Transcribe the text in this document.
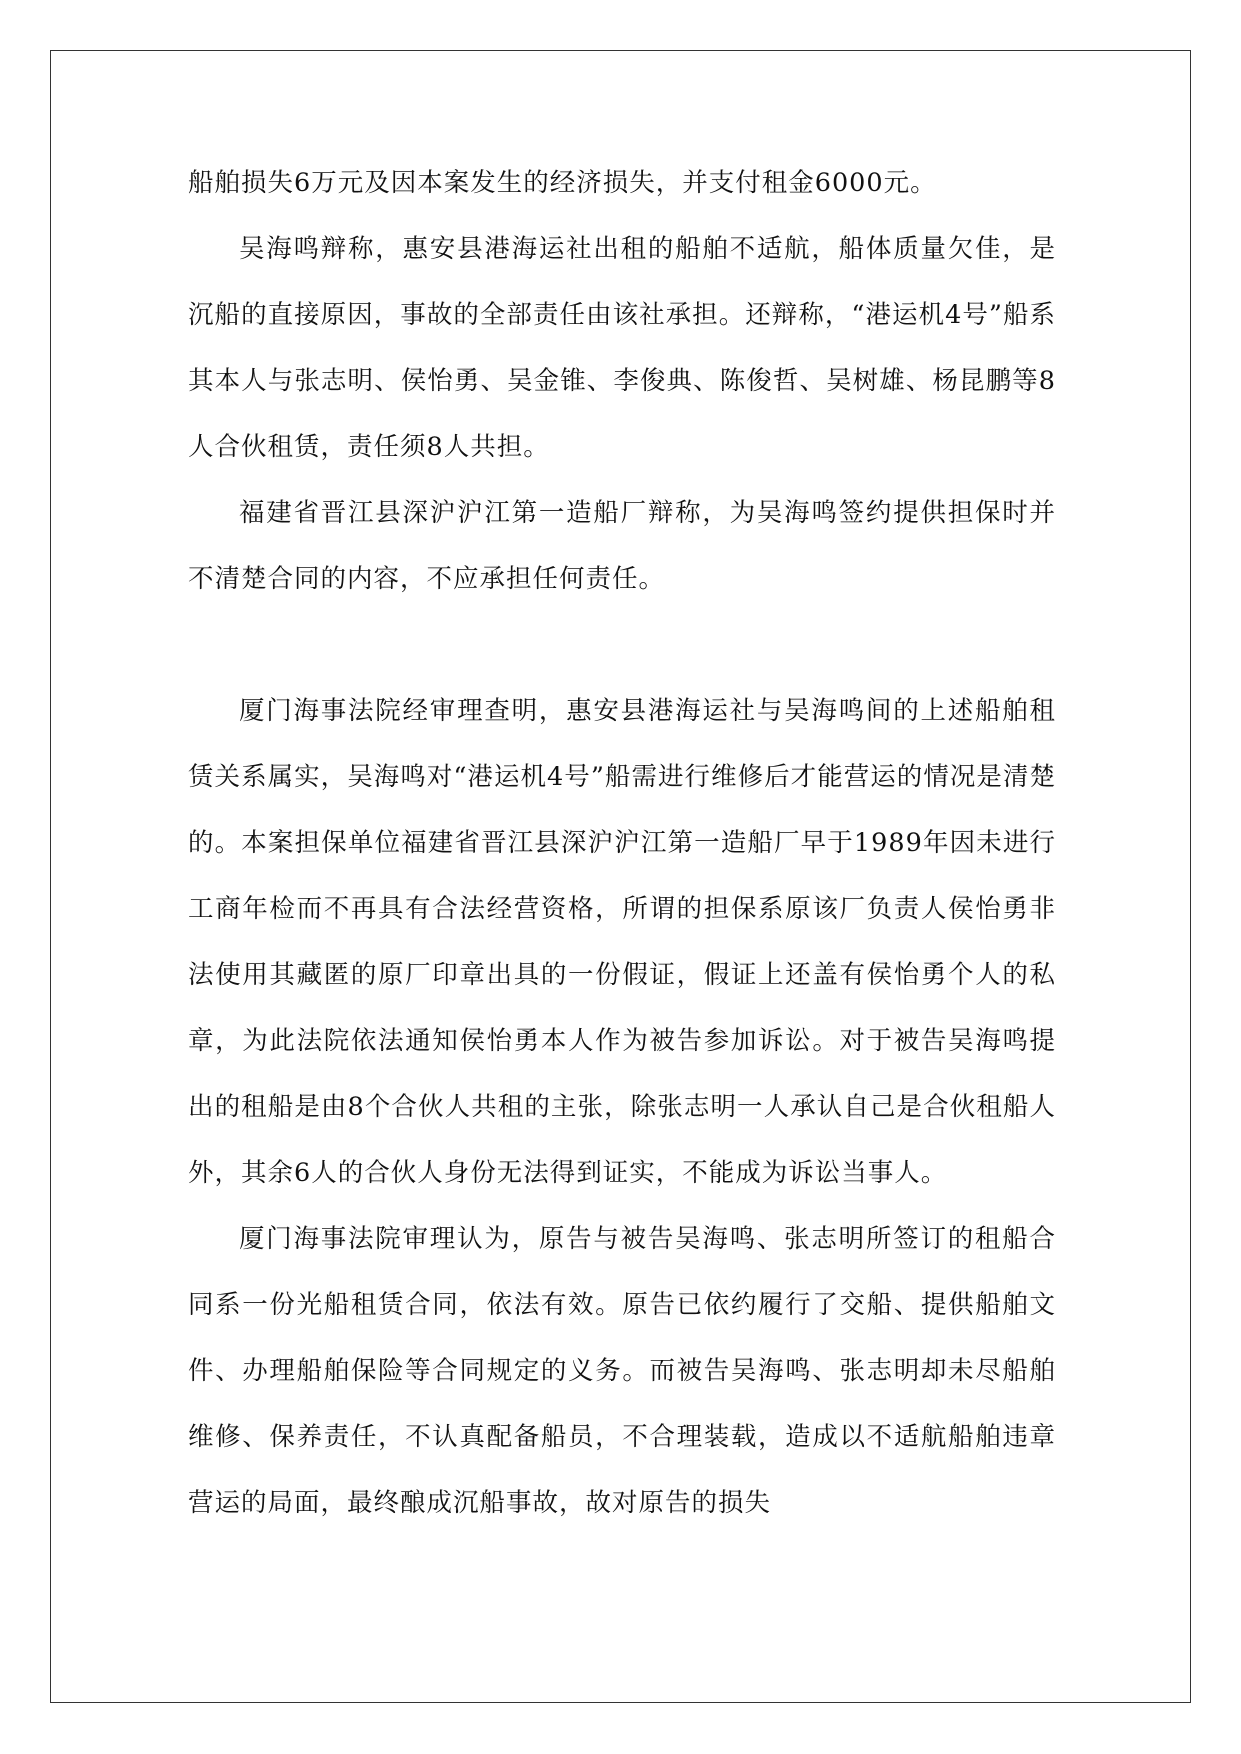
船舶损失6万元及因本案发生的经济损失，并支付租金6000元。

吴海鸣辩称，惠安县港海运社出租的船舶不适航，船体质量欠佳，是沉船的直接原因，事故的全部责任由该社承担。还辩称，“港运机4号”船系其本人与张志明、侯怡勇、吴金锥、李俊典、陈俊哲、吴树雄、杨昆鹏等8人合伙租赁，责任须8人共担。

福建省晋江县深沪沪江第一造船厂辩称，为吴海鸣签约提供担保时并不清楚合同的内容，不应承担任何责任。

厦门海事法院经审理查明，惠安县港海运社与吴海鸣间的上述船舶租赁关系属实，吴海鸣对“港运机4号”船需进行维修后才能营运的情况是清楚的。本案担保单位福建省晋江县深沪沪江第一造船厂早于1989年因未进行工商年检而不再具有合法经营资格，所谓的担保系原该厂负责人侯怡勇非法使用其藏匿的原厂印章出具的一份假证，假证上还盖有侯怡勇个人的私章，为此法院依法通知侯怡勇本人作为被告参加诉讼。对于被告吴海鸣提出的租船是由8个合伙人共租的主张，除张志明一人承认自己是合伙租船人外，其余6人的合伙人身份无法得到证实，不能成为诉讼当事人。

厦门海事法院审理认为，原告与被告吴海鸣、张志明所签订的租船合同系一份光船租赁合同，依法有效。原告已依约履行了交船、提供船舶文件、办理船舶保险等合同规定的义务。而被告吴海鸣、张志明却未尽船舶维修、保养责任，不认真配备船员，不合理装载，造成以不适航船舶违章营运的局面，最终酿成沉船事故，故对原告的损失
